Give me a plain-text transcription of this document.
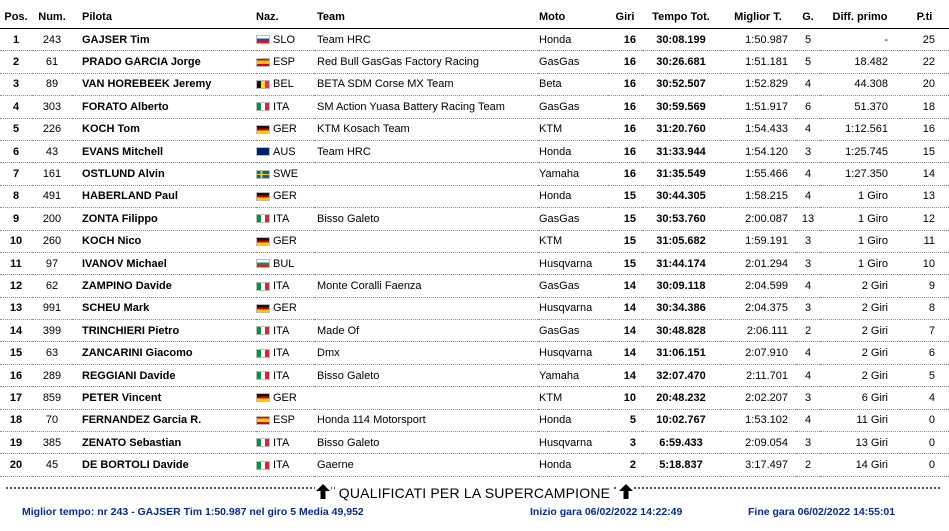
Pos.	Num.	Pilota	Naz.	Team	Moto	Giri	Tempo Tot.	Miglior T.	G.	Diff. primo	P.ti
1	243	GAJSER Tim	SLO	Team HRC	Honda	16	30:08.199	1:50.987	5	-	25
2	61	PRADO GARCIA Jorge	ESP	Red Bull GasGas Factory Racing	GasGas	16	30:26.681	1:51.181	5	18.482	22
3	89	VAN HOREBEEK Jeremy	BEL	BETA SDM Corse MX Team	Beta	16	30:52.507	1:52.829	4	44.308	20
4	303	FORATO Alberto	ITA	SM Action Yuasa Battery Racing Team	GasGas	16	30:59.569	1:51.917	6	51.370	18
5	226	KOCH Tom	GER	KTM Kosach Team	KTM	16	31:20.760	1:54.433	4	1:12.561	16
6	43	EVANS Mitchell	AUS	Team HRC	Honda	16	31:33.944	1:54.120	3	1:25.745	15
7	161	OSTLUND Alvin	SWE		Yamaha	16	31:35.549	1:55.466	4	1:27.350	14
8	491	HABERLAND Paul	GER		Honda	15	30:44.305	1:58.215	4	1 Giro	13
9	200	ZONTA Filippo	ITA	Bisso Galeto	GasGas	15	30:53.760	2:00.087	13	1 Giro	12
10	260	KOCH Nico	GER		KTM	15	31:05.682	1:59.191	3	1 Giro	11
11	97	IVANOV Michael	BUL		Husqvarna	15	31:44.174	2:01.294	3	1 Giro	10
12	62	ZAMPINO Davide	ITA	Monte Coralli Faenza	GasGas	14	30:09.118	2:04.599	4	2 Giri	9
13	991	SCHEU Mark	GER		Husqvarna	14	30:34.386	2:04.375	3	2 Giri	8
14	399	TRINCHIERI Pietro	ITA	Made Of	GasGas	14	30:48.828	2:06.111	2	2 Giri	7
15	63	ZANCARINI Giacomo	ITA	Dmx	Husqvarna	14	31:06.151	2:07.910	4	2 Giri	6
16	289	REGGIANI Davide	ITA	Bisso Galeto	Yamaha	14	32:07.470	2:11.701	4	2 Giri	5
17	859	PETER Vincent	GER		KTM	10	20:48.232	2:02.207	3	6 Giri	4
18	70	FERNANDEZ Garcia R.	ESP	Honda 114 Motorsport	Honda	5	10:02.767	1:53.102	4	11 Giri	0
19	385	ZENATO Sebastian	ITA	Bisso Galeto	Husqvarna	3	6:59.433	2:09.054	3	13 Giri	0
20	45	DE BORTOLI Davide	ITA	Gaerne	Honda	2	5:18.837	3:17.497	2	14 Giri	0
QUALIFICATI PER LA SUPERCAMPIONE
Miglior tempo: nr 243 - GAJSER Tim 1:50.987 nel giro 5 Media 49,952	Inizio gara 06/02/2022 14:22:49	Fine gara 06/02/2022 14:55:01
